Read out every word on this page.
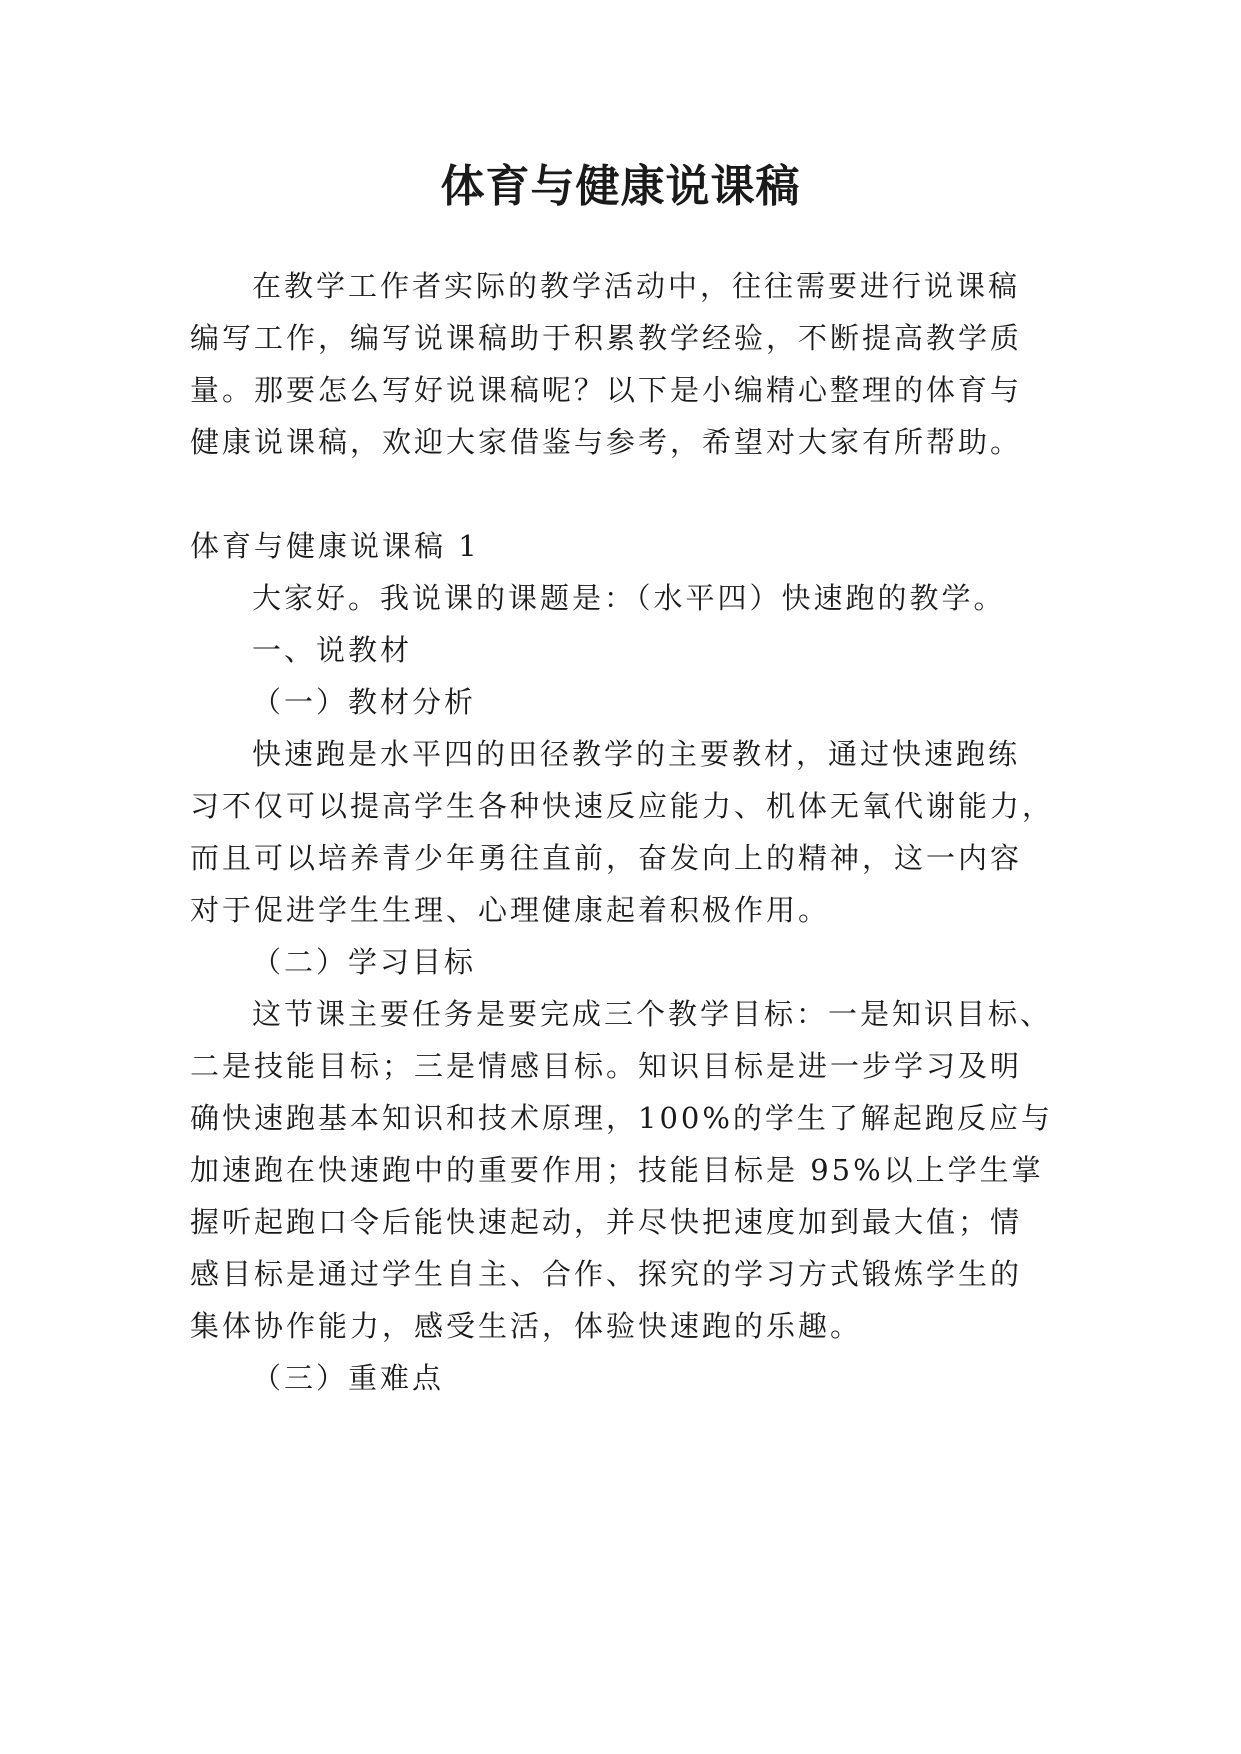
体育与健康说课稿
在教学工作者实际的教学活动中，往往需要进行说课稿
编写工作，编写说课稿助于积累教学经验，不断提高教学质
量。那要怎么写好说课稿呢？以下是小编精心整理的体育与
健康说课稿，欢迎大家借鉴与参考，希望对大家有所帮助。
体育与健康说课稿 1
大家好。我说课的课题是：（水平四）快速跑的教学。
一、说教材
（一）教材分析
快速跑是水平四的田径教学的主要教材，通过快速跑练
习不仅可以提高学生各种快速反应能力、机体无氧代谢能力，
而且可以培养青少年勇往直前，奋发向上的精神，这一内容
对于促进学生生理、心理健康起着积极作用。
（二）学习目标
这节课主要任务是要完成三个教学目标：一是知识目标、
二是技能目标；三是情感目标。知识目标是进一步学习及明
确快速跑基本知识和技术原理，100%的学生了解起跑反应与
加速跑在快速跑中的重要作用；技能目标是 95%以上学生掌
握听起跑口令后能快速起动，并尽快把速度加到最大值；情
感目标是通过学生自主、合作、探究的学习方式锻炼学生的
集体协作能力，感受生活，体验快速跑的乐趣。
（三）重难点
